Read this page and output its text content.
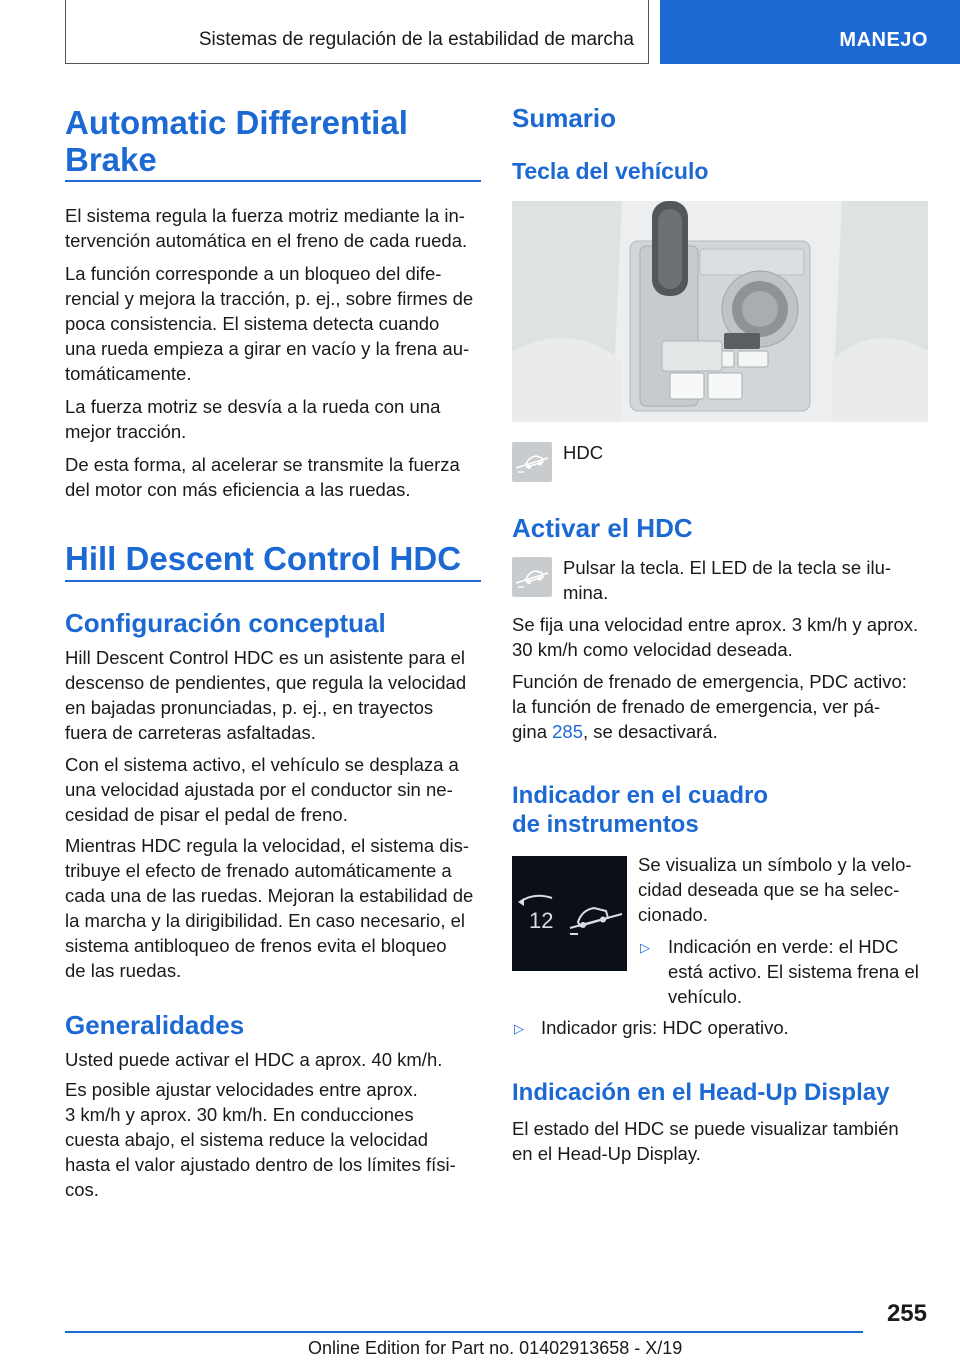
Sistemas de regulación de la estabilidad de marcha	MANEJO
Automatic Differential
Brake
El sistema regula la fuerza motriz mediante la in‐
tervención automática en el freno de cada rueda.
La función corresponde a un bloqueo del dife‐
rencial y mejora la tracción, p. ej., sobre firmes de
poca consistencia. El sistema detecta cuando
una rueda empieza a girar en vacío y la frena au‐
tomáticamente.
La fuerza motriz se desvía a la rueda con una
mejor tracción.
De esta forma, al acelerar se transmite la fuerza
del motor con más eficiencia a las ruedas.
Hill Descent Control HDC
Configuración conceptual
Hill Descent Control HDC es un asistente para el
descenso de pendientes, que regula la velocidad
en bajadas pronunciadas, p. ej., en trayectos
fuera de carreteras asfaltadas.
Con el sistema activo, el vehículo se desplaza a
una velocidad ajustada por el conductor sin ne‐
cesidad de pisar el pedal de freno.
Mientras HDC regula la velocidad, el sistema dis‐
tribuye el efecto de frenado automáticamente a
cada una de las ruedas. Mejoran la estabilidad de
la marcha y la dirigibilidad. En caso necesario, el
sistema antibloqueo de frenos evita el bloqueo
de las ruedas.
Generalidades
Usted puede activar el HDC a aprox. 40 km/h.
Es posible ajustar velocidades entre aprox.
3 km/h y aprox. 30 km/h. En conducciones
cuesta abajo, el sistema reduce la velocidad
hasta el valor ajustado dentro de los límites físi‐
cos.
Sumario
Tecla del vehículo
HDC
Activar el HDC
Pulsar la tecla. El LED de la tecla se ilu‐
mina.
Se fija una velocidad entre aprox. 3 km/h y aprox.
30 km/h como velocidad deseada.
Función de frenado de emergencia, PDC activo:
la función de frenado de emergencia, ver pá‐
gina 285, se desactivará.
Indicador en el cuadro
de instrumentos
12
Se visualiza un símbolo y la velo‐
cidad deseada que se ha selec‐
cionado.
▷ Indicación en verde: el HDC
está activo. El sistema frena el
vehículo.
▷ Indicador gris: HDC operativo.
Indicación en el Head-Up Display
El estado del HDC se puede visualizar también
en el Head-Up Display.
255
Online Edition for Part no. 01402913658 - X/19
